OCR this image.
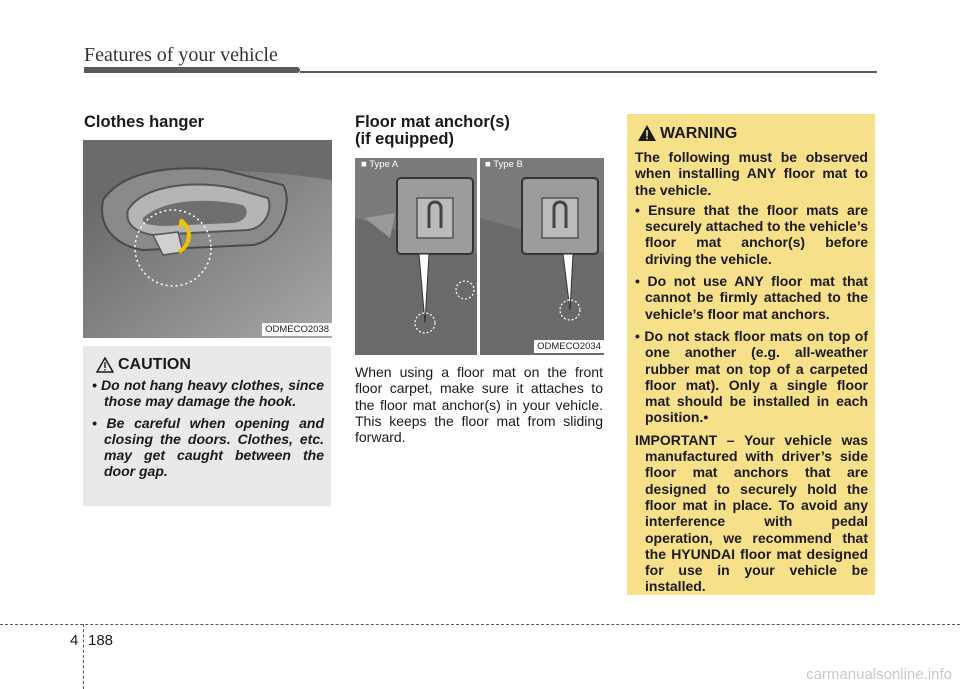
Features of your vehicle
Clothes hanger
ODMECO2038
CAUTION
• Do not hang heavy clothes, since those may damage the hook.
• Be careful when opening and closing the doors. Clothes, etc. may get caught between the door gap.
Floor mat anchor(s)
(if equipped)
■ Type A	■ Type B
ODMECO2034
When using a floor mat on the front floor carpet, make sure it attaches to the floor mat anchor(s) in your vehicle. This keeps the floor mat from sliding forward.
WARNING

The following must be observed when installing ANY floor mat to the vehicle.

• Ensure that the floor mats are securely attached to the vehicle’s floor mat anchor(s) before driving the vehicle.
• Do not use ANY floor mat that cannot be firmly attached to the vehicle’s floor mat anchors.
• Do not stack floor mats on top of one another (e.g. all-weather rubber mat on top of a carpeted floor mat). Only a single floor mat should be installed in each position.•
IMPORTANT – Your vehicle was manufactured with driver’s side floor mat anchors that are designed to securely hold the floor mat in place. To avoid any interference with pedal operation, we recommend that the HYUNDAI floor mat designed for use in your vehicle be installed.
4 188
carmanualsonline.info
